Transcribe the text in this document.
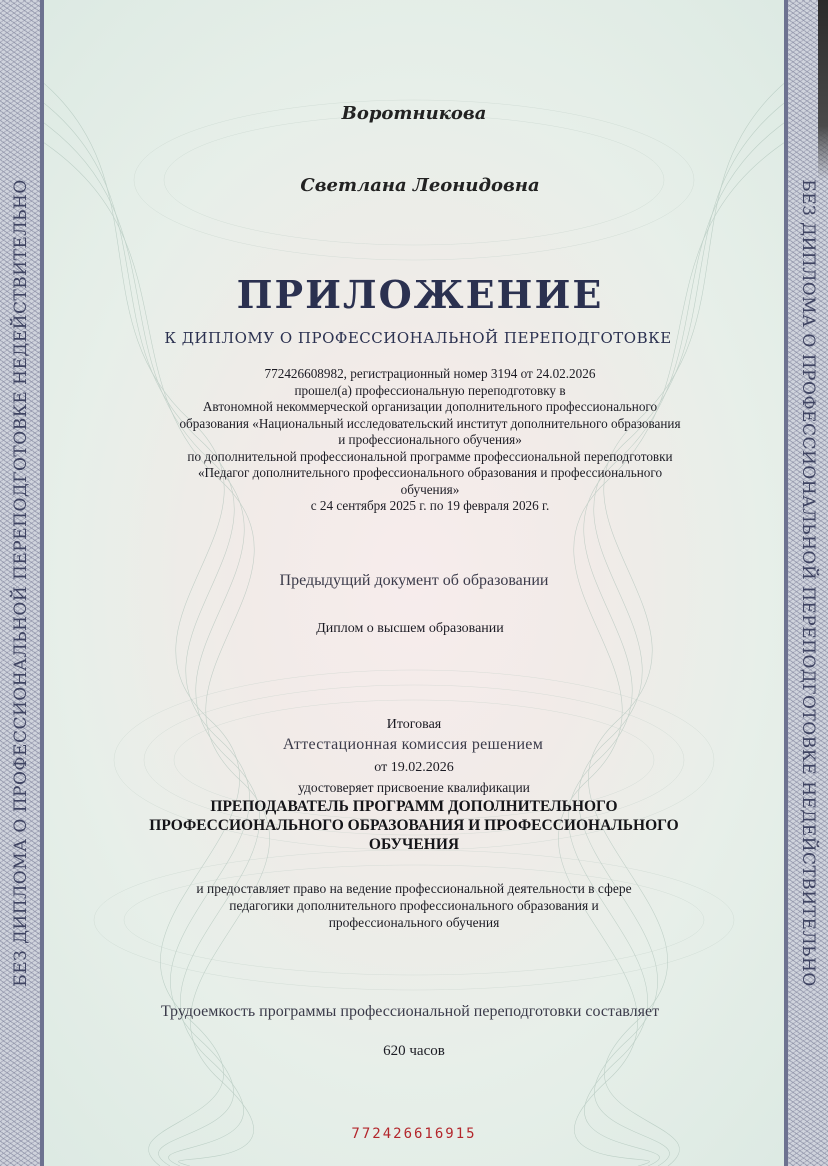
БЕЗ ДИПЛОМА О ПРОФЕССИОНАЛЬНОЙ ПЕРЕПОДГОТОВКЕ НЕДЕЙСТВИТЕЛЬНО	БЕЗ ДИПЛОМА О ПРОФЕССИОНАЛЬНОЙ ПЕРЕПОДГОТОВКЕ НЕДЕЙСТВИТЕЛЬНО
Воротникова
Светлана Леонидовна
ПРИЛОЖЕНИЕ
К ДИПЛОМУ О ПРОФЕССИОНАЛЬНОЙ ПЕРЕПОДГОТОВКЕ
772426608982, регистрационный номер 3194 от 24.02.2026
прошел(а) профессиональную переподготовку в
Автономной некоммерческой организации дополнительного профессионального
образования «Национальный исследовательский институт дополнительного образования
и профессионального обучения»
по дополнительной профессиональной программе профессиональной переподготовки
«Педагог дополнительного профессионального образования и профессионального
обучения»
с 24 сентября 2025 г. по 19 февраля 2026 г.
Предыдущий документ об образовании
Диплом о высшем образовании
Итоговая
Аттестационная комиссия решением
от 19.02.2026
удостоверяет присвоение квалификации
ПРЕПОДАВАТЕЛЬ ПРОГРАММ ДОПОЛНИТЕЛЬНОГО
ПРОФЕССИОНАЛЬНОГО ОБРАЗОВАНИЯ И ПРОФЕССИОНАЛЬНОГО
ОБУЧЕНИЯ
и предоставляет право на ведение профессиональной деятельности в сфере
педагогики дополнительного профессионального образования и
профессионального обучения
Трудоемкость программы профессиональной переподготовки составляет
620 часов
772426616915
